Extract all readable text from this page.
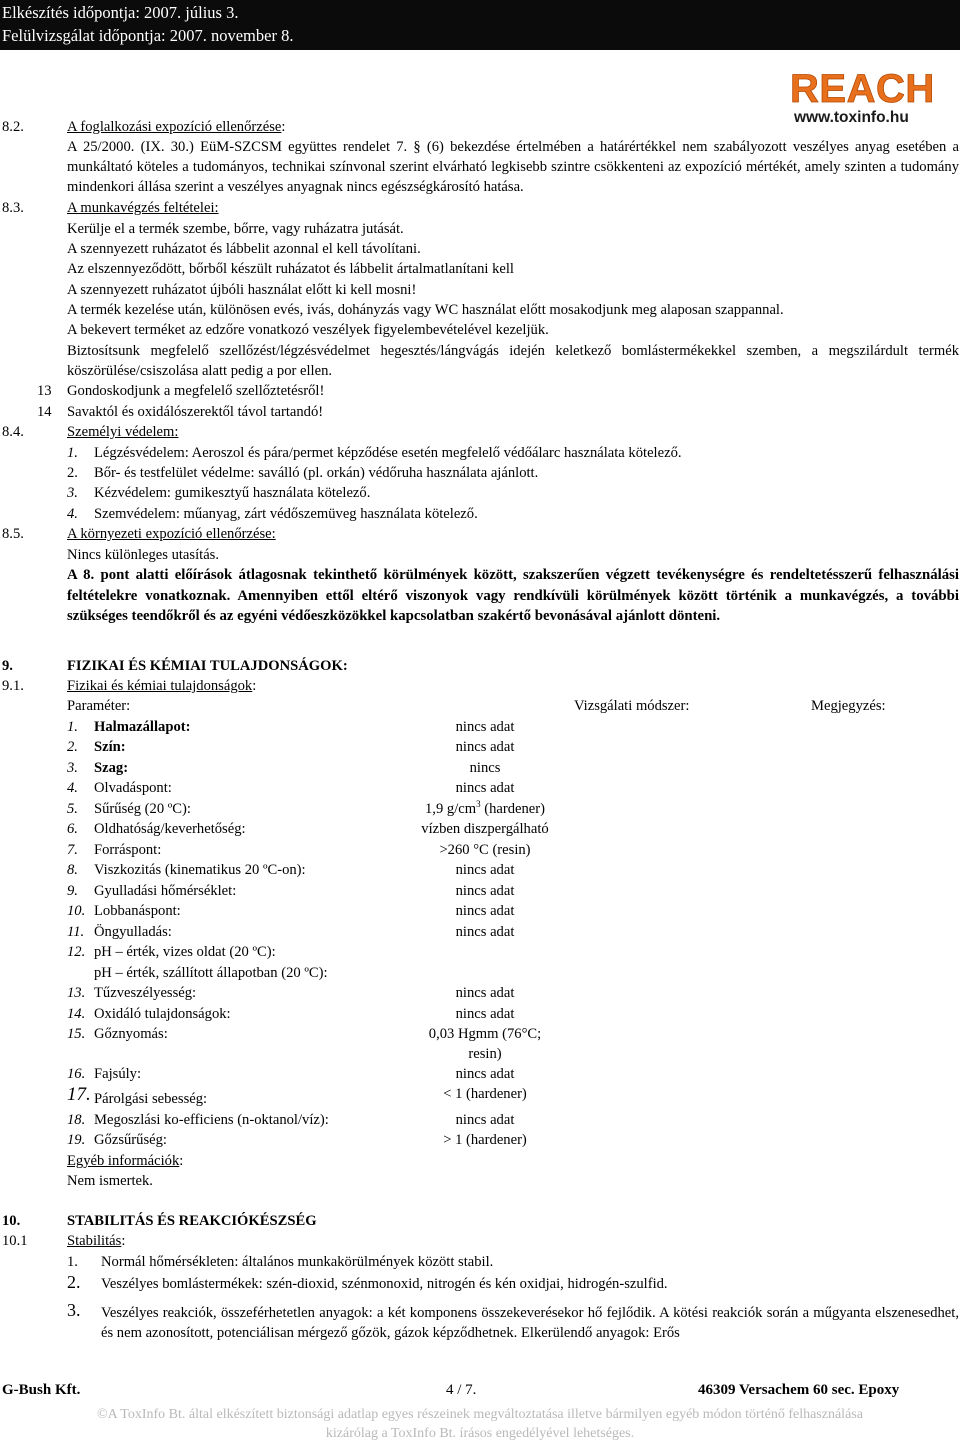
Elkészítés időpontja: 2007. július 3.
Felülvizsgálat időpontja: 2007. november 8.
REACH
www.toxinfo.hu
8.2.	A foglalkozási expozíció ellenőrzése:
A 25/2000. (IX. 30.) EüM-SZCSM együttes rendelet 7. § (6) bekezdése értelmében a határértékkel nem szabályozott veszélyes anyag esetében a munkáltató köteles a tudományos, technikai színvonal szerint elvárható legkisebb szintre csökkenteni az expozíció mértékét, amely szinten a tudomány mindenkori állása szerint a veszélyes anyagnak nincs egészségkárosító hatása.
8.3.	A munkavégzés feltételei:
Kerülje el a termék szembe, bőrre, vagy ruházatra jutását.
A szennyezett ruházatot és lábbelit azonnal el kell távolítani.
Az elszennyeződött, bőrből készült ruházatot és lábbelit ártalmatlanítani kell
A szennyezett ruházatot újbóli használat előtt ki kell mosni!
A termék kezelése után, különösen evés, ivás, dohányzás vagy WC használat előtt mosakodjunk meg alaposan szappannal.
A bekevert terméket az edzőre vonatkozó veszélyek figyelembevételével kezeljük.
Biztosítsunk megfelelő szellőzést/légzésvédelmet hegesztés/lángvágás idején keletkező bomlástermékekkel szemben, a megszilárdult termék köszörülése/csiszolása alatt pedig a por ellen.
13 Gondoskodjunk a megfelelő szellőztetésről!
14 Savaktól és oxidálószerektől távol tartandó!
8.4.	Személyi védelem:
1. Légzésvédelem: Aeroszol és pára/permet képződése esetén megfelelő védőálarc használata kötelező.
2. Bőr- és testfelület védelme: saválló (pl. orkán) védőruha használata ajánlott.
3. Kézvédelem: gumikesztyű használata kötelező.
4. Szemvédelem: műanyag, zárt védőszemüveg használata kötelező.
8.5.	A környezeti expozíció ellenőrzése:
Nincs különleges utasítás.
A 8. pont alatti előírások átlagosnak tekinthető körülmények között, szakszerűen végzett tevékenységre és rendeltetésszerű felhasználási feltételekre vonatkoznak. Amennyiben ettől eltérő viszonyok vagy rendkívüli körülmények között történik a munkavégzés, a további szükséges teendőkről és az egyéni védőeszközökkel kapcsolatban szakértő bevonásával ajánlott dönteni.
9.	FIZIKAI ÉS KÉMIAI TULAJDONSÁGOK:
9.1.	Fizikai és kémiai tulajdonságok:
Paraméter:	Vizsgálati módszer:	Megjegyzés:
1. Halmazállapot:	nincs adat
2. Szín:	nincs adat
3. Szag:	nincs
4. Olvadáspont:	nincs adat
5. Sűrűség (20 ºC):	1,9 $g/cm^3$ (hardener)
6. Oldhatóság/keverhetőség:	vízben diszpergálható
7. Forráspont:	>260 °C (resin)
8. Viszkozitás (kinematikus 20 ºC-on):	nincs adat
9. Gyulladási hőmérséklet:	nincs adat
10. Lobbanáspont:	nincs adat
11. Öngyulladás:	nincs adat
12. pH – érték, vizes oldat (20 ºC):
pH – érték, szállított állapotban (20 ºC):
13. Tűzveszélyesség:	nincs adat
14. Oxidáló tulajdonságok:	nincs adat
15. Gőznyomás:	0,03 Hgmm (76°C;
resin)
16. Fajsúly:	nincs adat
17. Párolgási sebesség:	< 1 (hardener)
18. Megoszlási ko-efficiens (n-oktanol/víz):	nincs adat
19. Gőzsűrűség:	> 1 (hardener)
Egyéb információk:
Nem ismertek.
10.	STABILITÁS ÉS REAKCIÓKÉSZSÉG
10.1	Stabilitás:
1. Normál hőmérsékleten: általános munkakörülmények között stabil.
2. Veszélyes bomlástermékek: szén-dioxid, szénmonoxid, nitrogén és kén oxidjai, hidrogén-szulfid.
3. Veszélyes reakciók, összeférhetetlen anyagok: a két komponens összekeverésekor hő fejlődik. A kötési reakciók során a műgyanta elszenesedhet, és nem azonosított, potenciálisan mérgező gőzök, gázok képződhetnek. Elkerülendő anyagok: Erős
G-Bush Kft.	4 / 7.	46309 Versachem 60 sec. Epoxy
©A ToxInfo Bt. által elkészített biztonsági adatlap egyes részeinek megváltoztatása illetve bármilyen egyéb módon történő felhasználása
kizárólag a ToxInfo Bt. írásos engedélyével lehetséges.
